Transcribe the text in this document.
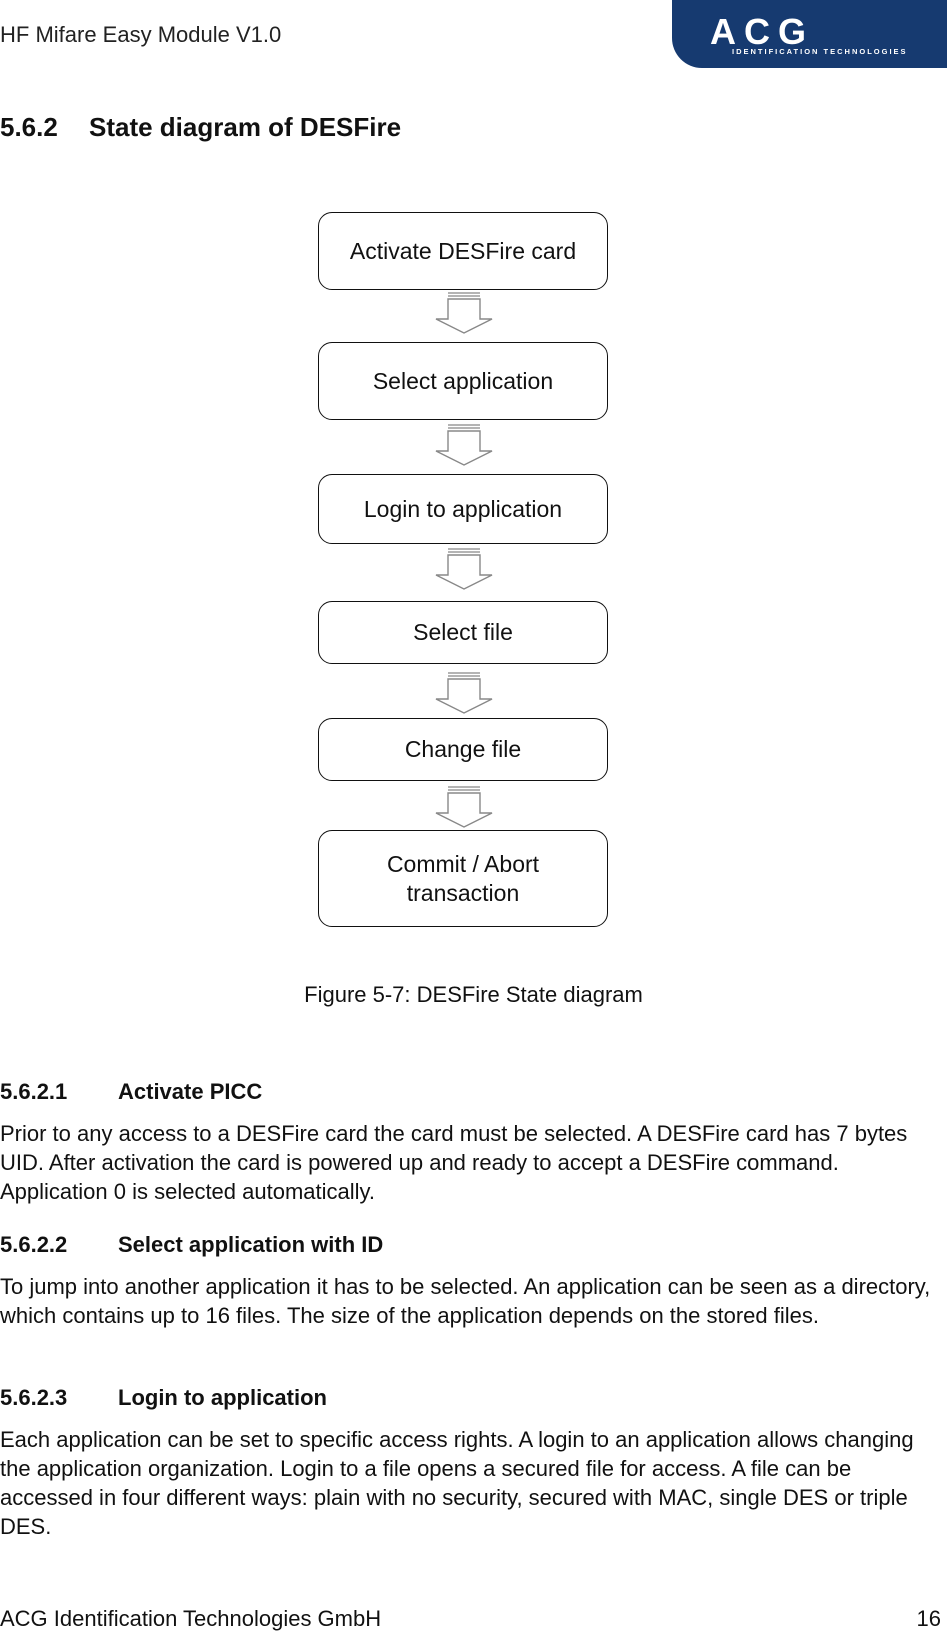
HF Mifare Easy Module V1.0	ACG
IDENTIFICATION TECHNOLOGIES
5.6.2 State diagram of DESFire
Activate DESFire card
Select application
Login to application
Select file
Change file
Commit / Abort transaction
Figure 5-7: DESFire State diagram
5.6.2.1 Activate PICC
Prior to any access to a DESFire card the card must be selected. A DESFire card has 7 bytes UID. After activation the card is powered up and ready to accept a DESFire command. Application 0 is selected automatically.
5.6.2.2 Select application with ID
To jump into another application it has to be selected. An application can be seen as a directory, which contains up to 16 files. The size of the application depends on the stored files.
5.6.2.3 Login to application
Each application can be set to specific access rights. A login to an application allows changing the application organization. Login to a file opens a secured file for access. A file can be accessed in four different ways: plain with no security, secured with MAC, single DES or triple DES.
ACG Identification Technologies GmbH	16
